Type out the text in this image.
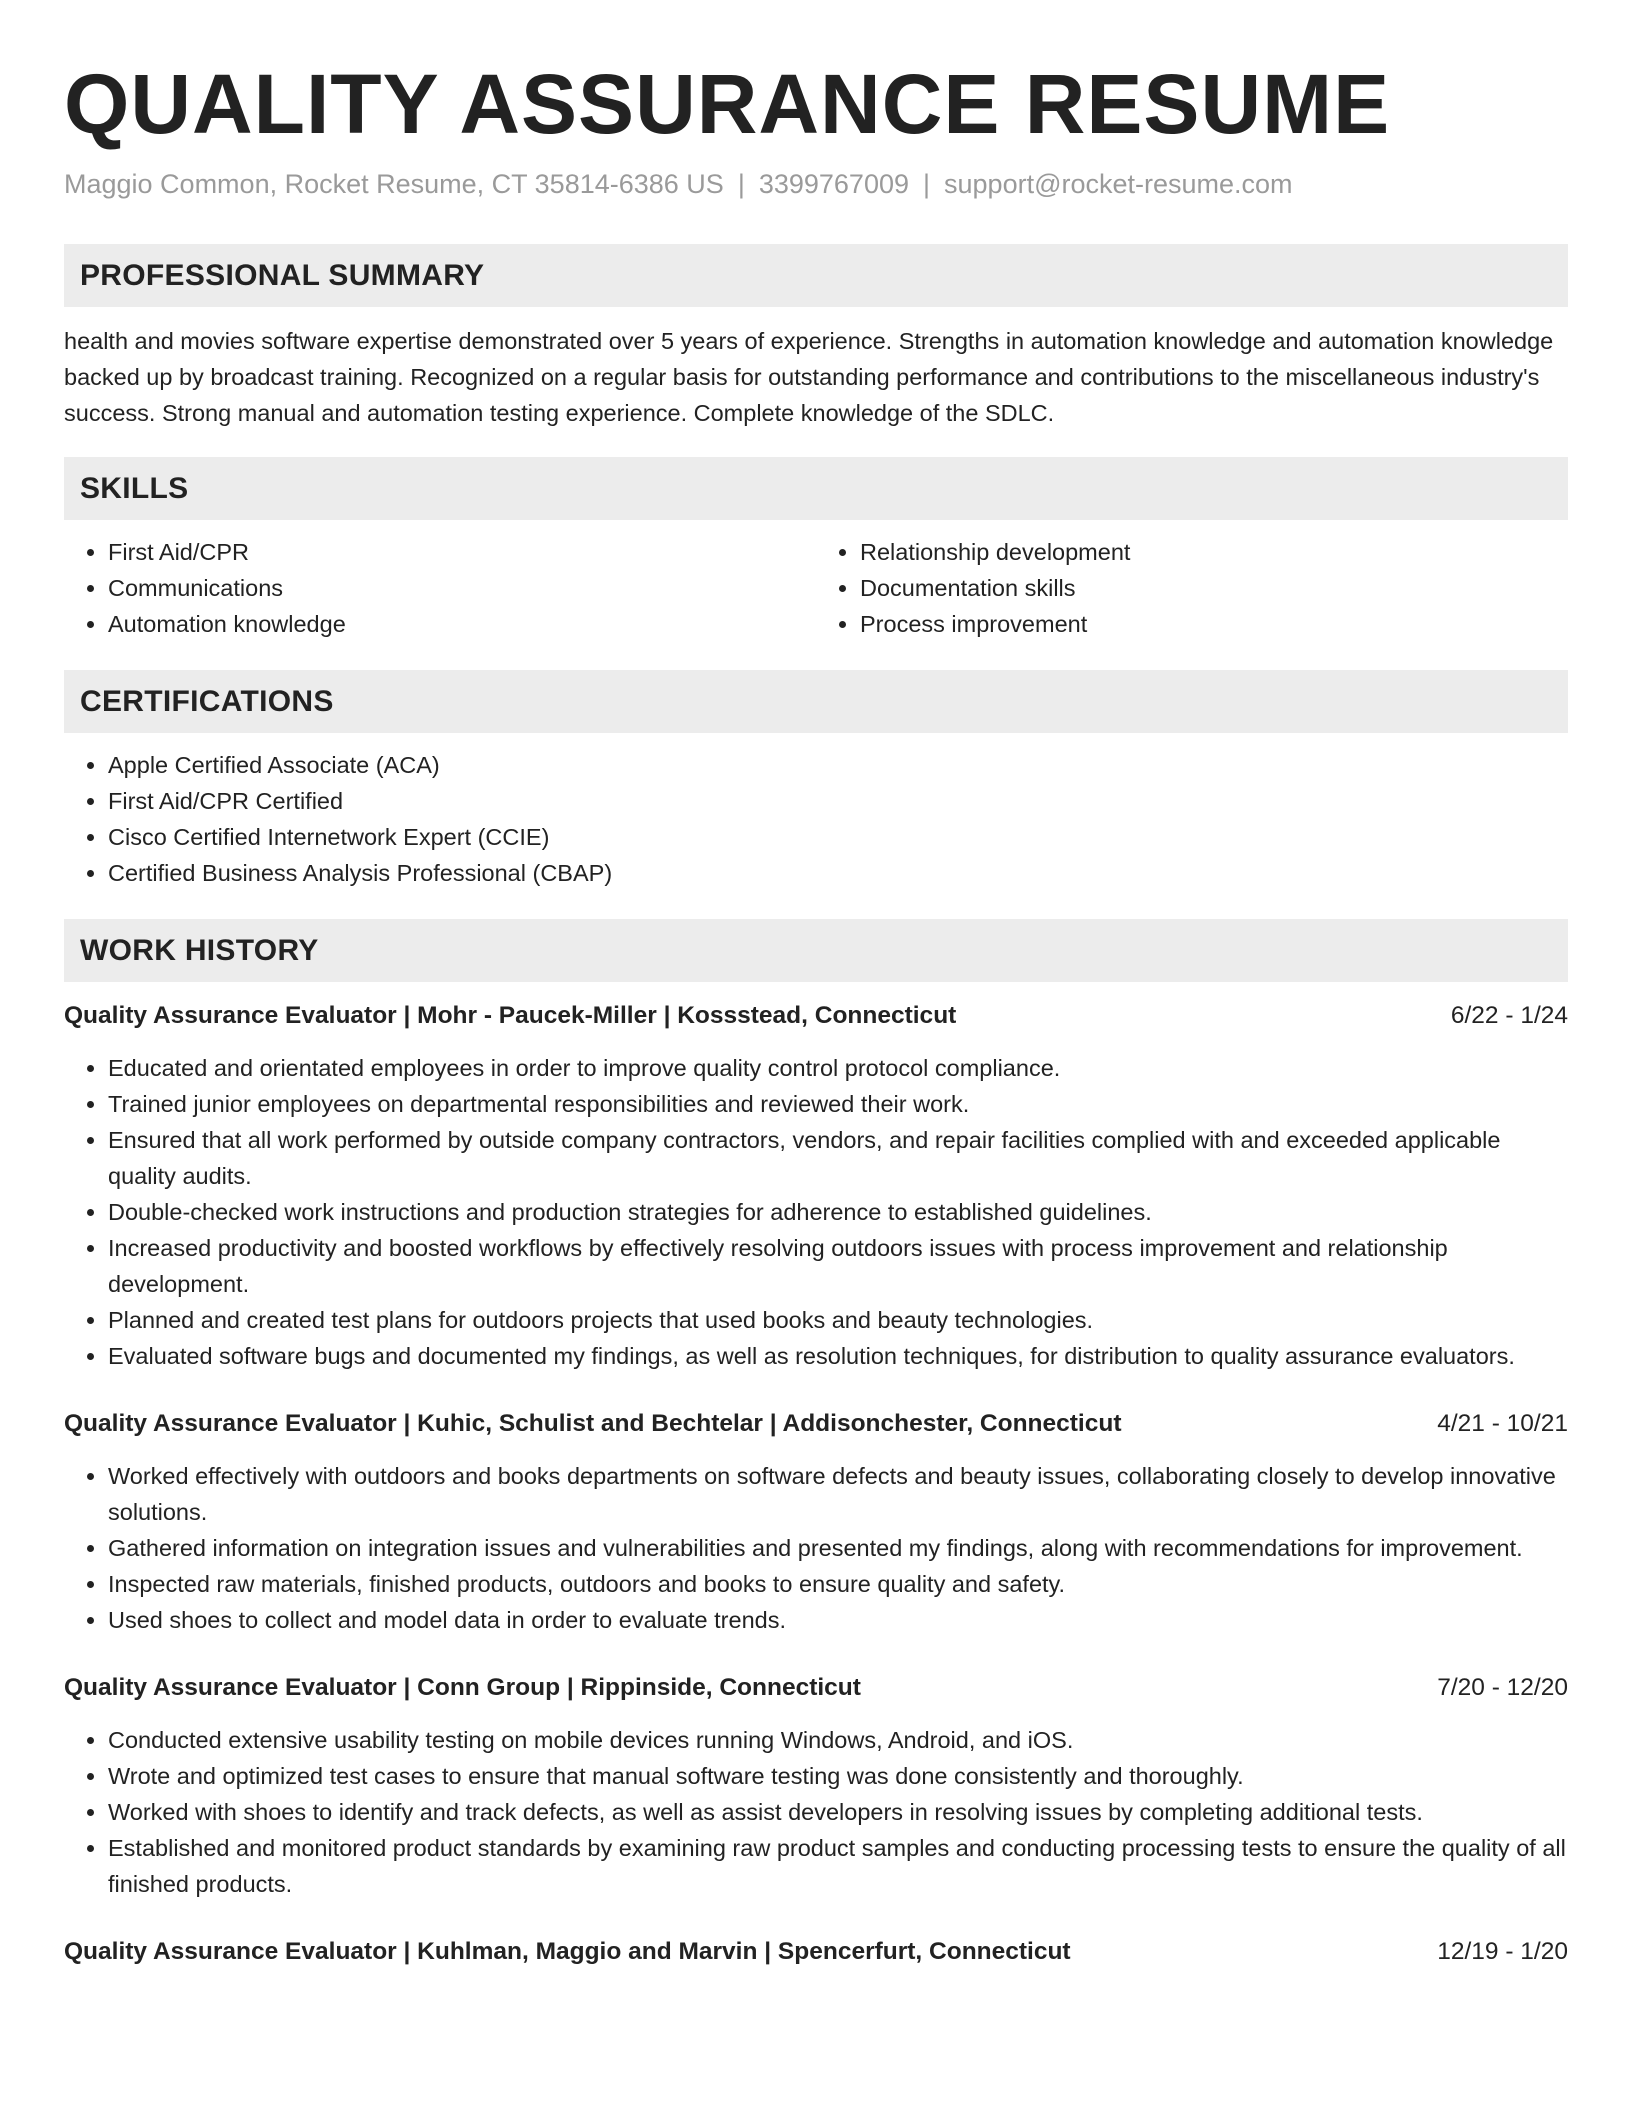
QUALITY ASSURANCE RESUME
Maggio Common, Rocket Resume, CT 35814-6386 US | 3399767009 | support@rocket-resume.com
PROFESSIONAL SUMMARY

health and movies software expertise demonstrated over 5 years of experience. Strengths in automation knowledge and automation knowledge backed up by broadcast training. Recognized on a regular basis for outstanding performance and contributions to the miscellaneous industry's success. Strong manual and automation testing experience. Complete knowledge of the SDLC.

SKILLS
• First Aid/CPR
• Communications
• Automation knowledge
• Relationship development
• Documentation skills
• Process improvement
CERTIFICATIONS
• Apple Certified Associate (ACA)
• First Aid/CPR Certified
• Cisco Certified Internetwork Expert (CCIE)
• Certified Business Analysis Professional (CBAP)
WORK HISTORY
Quality Assurance Evaluator | Mohr - Paucek-Miller | Kossstead, Connecticut	6/22 - 1/24
• Educated and orientated employees in order to improve quality control protocol compliance.
• Trained junior employees on departmental responsibilities and reviewed their work.
• Ensured that all work performed by outside company contractors, vendors, and repair facilities complied with and exceeded applicable quality audits.
• Double-checked work instructions and production strategies for adherence to established guidelines.
• Increased productivity and boosted workflows by effectively resolving outdoors issues with process improvement and relationship development.
• Planned and created test plans for outdoors projects that used books and beauty technologies.
• Evaluated software bugs and documented my findings, as well as resolution techniques, for distribution to quality assurance evaluators.
Quality Assurance Evaluator | Kuhic, Schulist and Bechtelar | Addisonchester, Connecticut	4/21 - 10/21
• Worked effectively with outdoors and books departments on software defects and beauty issues, collaborating closely to develop innovative solutions.
• Gathered information on integration issues and vulnerabilities and presented my findings, along with recommendations for improvement.
• Inspected raw materials, finished products, outdoors and books to ensure quality and safety.
• Used shoes to collect and model data in order to evaluate trends.
Quality Assurance Evaluator | Conn Group | Rippinside, Connecticut	7/20 - 12/20
• Conducted extensive usability testing on mobile devices running Windows, Android, and iOS.
• Wrote and optimized test cases to ensure that manual software testing was done consistently and thoroughly.
• Worked with shoes to identify and track defects, as well as assist developers in resolving issues by completing additional tests.
• Established and monitored product standards by examining raw product samples and conducting processing tests to ensure the quality of all finished products.
Quality Assurance Evaluator | Kuhlman, Maggio and Marvin | Spencerfurt, Connecticut	12/19 - 1/20
